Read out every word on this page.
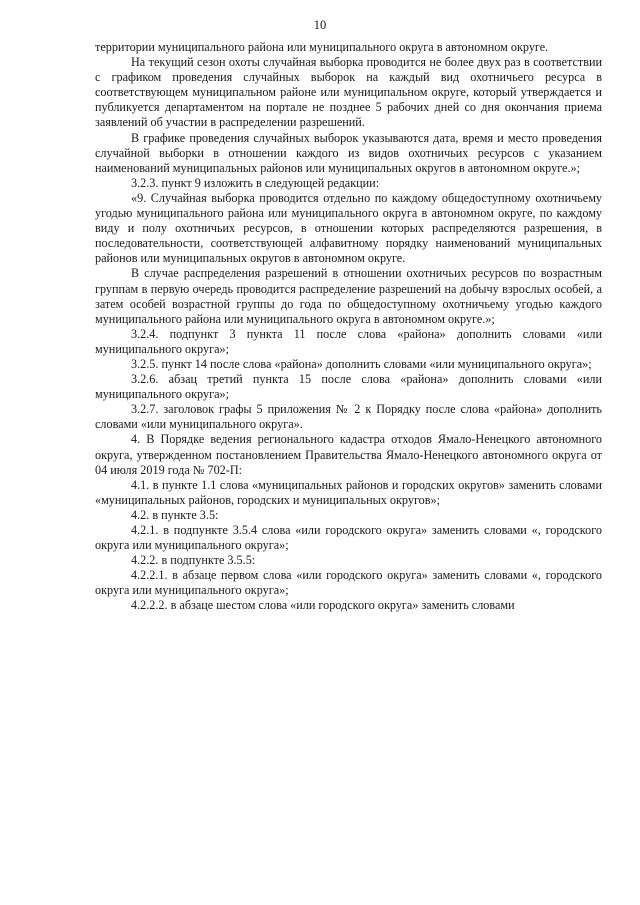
10

территории муниципального района или муниципального округа в автономном округе.

На текущий сезон охоты случайная выборка проводится не более двух раз в соответствии с графиком проведения случайных выборок на каждый вид охотничьего ресурса в соответствующем муниципальном районе или муниципальном округе, который утверждается и публикуется департаментом на портале не позднее 5 рабочих дней со дня окончания приема заявлений об участии в распределении разрешений.

В графике проведения случайных выборок указываются дата, время и место проведения случайной выборки в отношении каждого из видов охотничьих ресурсов с указанием наименований муниципальных районов или муниципальных округов в автономном округе.»;

3.2.3. пункт 9 изложить в следующей редакции:

«9. Случайная выборка проводится отдельно по каждому общедоступному охотничьему угодью муниципального района или муниципального округа в автономном округе, по каждому виду и полу охотничьих ресурсов, в отношении которых распределяются разрешения, в последовательности, соответствующей алфавитному порядку наименований муниципальных районов или муниципальных округов в автономном округе.

В случае распределения разрешений в отношении охотничьих ресурсов по возрастным группам в первую очередь проводится распределение разрешений на добычу взрослых особей, а затем особей возрастной группы до года по общедоступному охотничьему угодью каждого муниципального района или муниципального округа в автономном округе.»;

3.2.4. подпункт 3 пункта 11 после слова «района» дополнить словами «или муниципального округа»;

3.2.5. пункт 14 после слова «района» дополнить словами «или муниципального округа»;

3.2.6. абзац третий пункта 15 после слова «района» дополнить словами «или муниципального округа»;

3.2.7. заголовок графы 5 приложения № 2 к Порядку после слова «района» дополнить словами «или муниципального округа».

4. В Порядке ведения регионального кадастра отходов Ямало-Ненецкого автономного округа, утвержденном постановлением Правительства Ямало-Ненецкого автономного округа от 04 июля 2019 года № 702-П:

4.1. в пункте 1.1 слова «муниципальных районов и городских округов» заменить словами «муниципальных районов, городских и муниципальных округов»;

4.2. в пункте 3.5:

4.2.1. в подпункте 3.5.4 слова «или городского округа» заменить словами «, городского округа или муниципального округа»;

4.2.2. в подпункте 3.5.5:

4.2.2.1. в абзаце первом слова «или городского округа» заменить словами «, городского округа или муниципального округа»;

4.2.2.2. в абзаце шестом слова «или городского округа» заменить словами
